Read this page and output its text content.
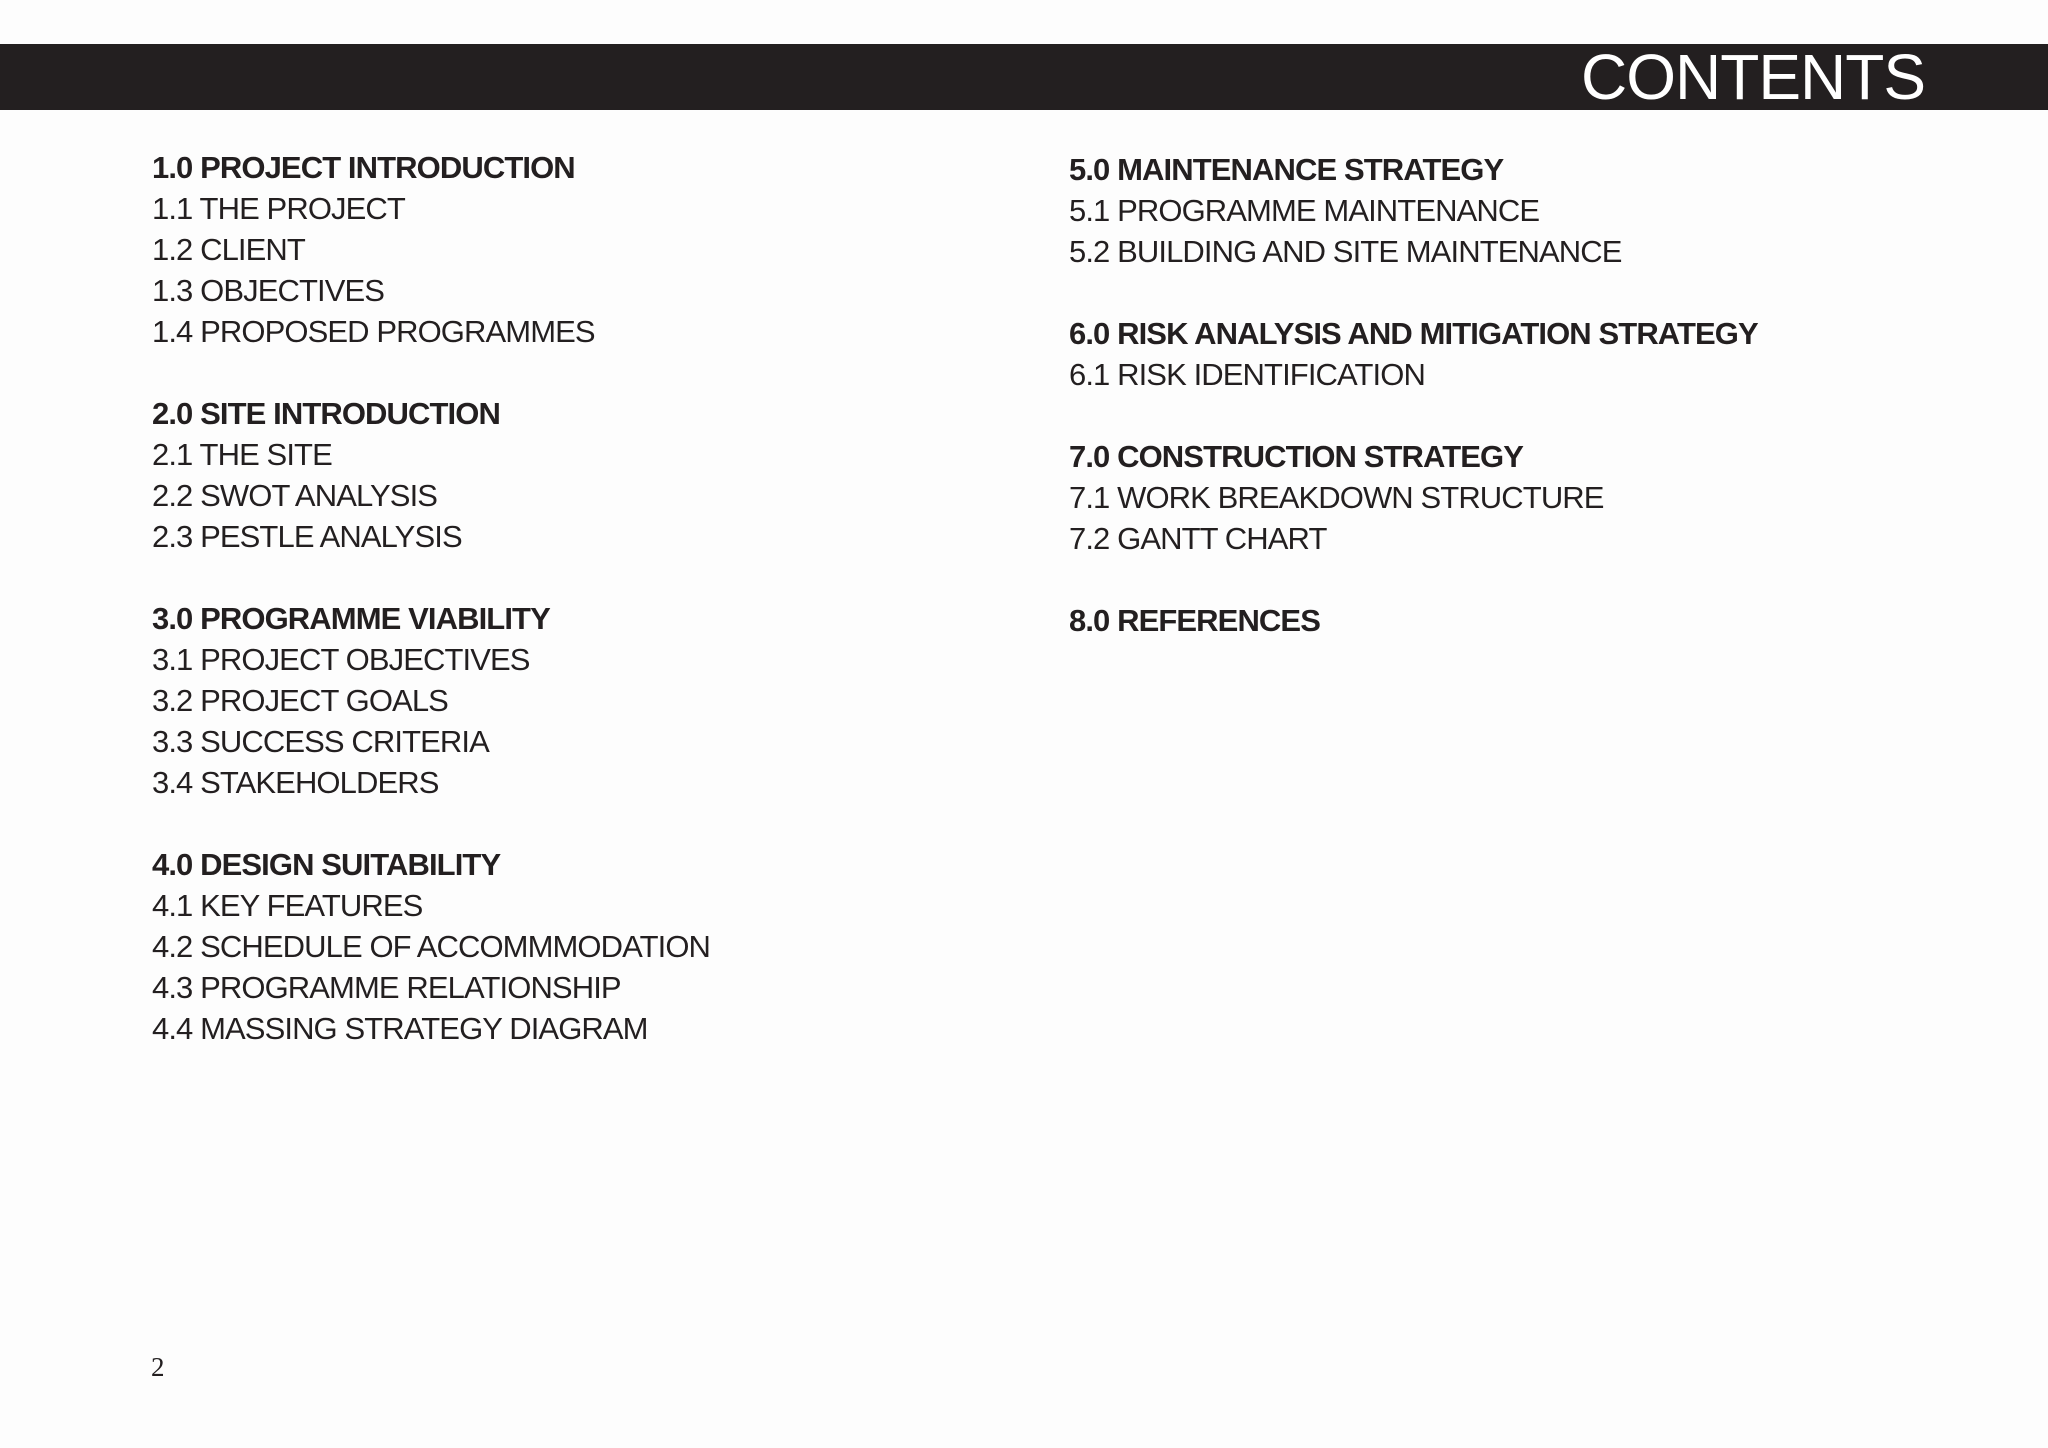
CONTENTS
1.0 PROJECT INTRODUCTION
1.1 THE PROJECT
1.2 CLIENT
1.3 OBJECTIVES
1.4 PROPOSED PROGRAMMES
2.0 SITE INTRODUCTION
2.1 THE SITE
2.2 SWOT ANALYSIS
2.3 PESTLE ANALYSIS
3.0 PROGRAMME VIABILITY
3.1 PROJECT OBJECTIVES
3.2 PROJECT GOALS
3.3 SUCCESS CRITERIA
3.4 STAKEHOLDERS
4.0 DESIGN SUITABILITY
4.1 KEY FEATURES
4.2 SCHEDULE OF ACCOMMMODATION
4.3 PROGRAMME RELATIONSHIP
4.4 MASSING STRATEGY DIAGRAM
5.0 MAINTENANCE STRATEGY
5.1 PROGRAMME MAINTENANCE
5.2 BUILDING AND SITE MAINTENANCE
6.0 RISK ANALYSIS AND MITIGATION STRATEGY
6.1 RISK IDENTIFICATION
7.0 CONSTRUCTION STRATEGY
7.1 WORK BREAKDOWN STRUCTURE
7.2 GANTT CHART
8.0 REFERENCES
2
